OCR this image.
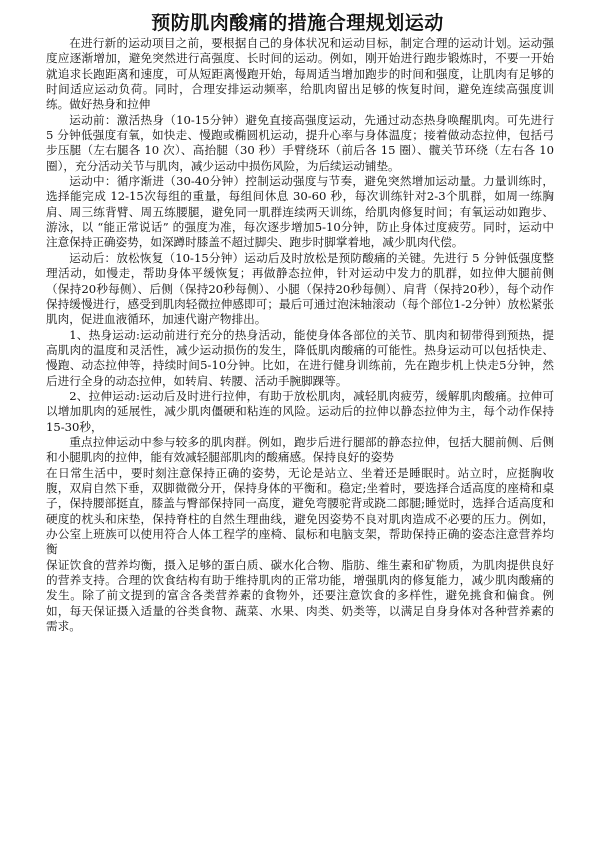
预防肌肉酸痛的措施合理规划运动

在进行新的运动项目之前，要根据自己的身体状况和运动目标，制定合理的运动计划。运动强度应逐渐增加，避免突然进行高强度、长时间的运动。例如，刚开始进行跑步锻炼时，不要一开始就追求长跑距离和速度，可从短距离慢跑开始，每周适当增加跑步的时间和强度，让肌肉有足够的时间适应运动负荷。同时，合理安排运动频率，给肌肉留出足够的恢复时间，避免连续高强度训练。做好热身和拉伸

运动前：激活热身（10-15分钟）避免直接高强度运动，先通过动态热身唤醒肌肉。可先进行 5 分钟低强度有氧，如快走、慢跑或椭圆机运动，提升心率与身体温度；接着做动态拉伸，包括弓步压腿（左右腿各 10 次）、高抬腿（30 秒）手臂绕环（前后各 15 圈）、髋关节环绕（左右各 10 圈），充分活动关节与肌肉，减少运动中损伤风险，为后续运动铺垫。

运动中：循序渐进（30-40分钟）控制运动强度与节奏，避免突然增加运动量。力量训练时，选择能完成 12-15次每组的重量，每组间休息 30-60 秒，每次训练针对2-3个肌群，如周一练胸肩、周三练背臂、周五练腰腿，避免同一肌群连续两天训练，给肌肉修复时间；有氧运动如跑步、游泳，以 “能正常说话” 的强度为准，每次逐步增加5-10分钟，防止身体过度疲劳。同时，运动中注意保持正确姿势，如深蹲时膝盖不超过脚尖、跑步时脚掌着地，减少肌肉代偿。

运动后：放松恢复（10-15分钟）运动后及时放松是预防酸痛的关键。先进行 5 分钟低强度整理活动，如慢走，帮助身体平缓恢复；再做静态拉伸，针对运动中发力的肌群，如拉伸大腿前侧（保持20秒每侧）、后侧（保持20秒每侧）、小腿（保持20秒每侧）、肩背（保持20秒），每个动作保持缓慢进行，感受到肌肉轻微拉伸感即可；最后可通过泡沫轴滚动（每个部位1-2分钟）放松紧张肌肉，促进血液循环，加速代谢产物排出。

1、热身运动:运动前进行充分的热身活动，能使身体各部位的关节、肌肉和韧带得到预热，提高肌肉的温度和灵活性，减少运动损伤的发生，降低肌肉酸痛的可能性。热身运动可以包括快走、慢跑、动态拉伸等，持续时间5-10分钟。比如，在进行健身训练前，先在跑步机上快走5分钟，然后进行全身的动态拉伸，如转肩、转腰、活动手腕脚踝等。

2、拉伸运动:运动后及时进行拉伸，有助于放松肌肉，减轻肌肉疲劳，缓解肌肉酸痛。拉伸可以增加肌肉的延展性，减少肌肉僵硬和粘连的风险。运动后的拉伸以静态拉伸为主，每个动作保持15-30秒，

重点拉伸运动中参与较多的肌肉群。例如，跑步后进行腿部的静态拉伸，包括大腿前侧、后侧和小腿肌肉的拉伸，能有效减轻腿部肌肉的酸痛感。保持良好的姿势

在日常生活中，要时刻注意保持正确的姿势，无论是站立、坐着还是睡眠时。站立时，应挺胸收腹，双肩自然下垂，双脚微微分开，保持身体的平衡和。稳定;坐着时，要选择合适高度的座椅和桌子，保持腰部挺直，膝盖与臀部保持同一高度，避免弯腰驼背或跷二郎腿;睡觉时，选择合适高度和硬度的枕头和床垫，保持脊柱的自然生理曲线，避免因姿势不良对肌肉造成不必要的压力。例如，办公室上班族可以使用符合人体工程学的座椅、鼠标和电脑支架，帮助保持正确的姿态注意营养均衡

保证饮食的营养均衡，摄入足够的蛋白质、碳水化合物、脂肪、维生素和矿物质，为肌肉提供良好的营养支持。合理的饮食结构有助于维持肌肉的正常功能，增强肌肉的修复能力，减少肌肉酸痛的发生。除了前文提到的富含各类营养素的食物外，还要注意饮食的多样性，避免挑食和偏食。例如，每天保证摄入适量的谷类食物、蔬菜、水果、肉类、奶类等，以满足自身身体对各种营养素的需求。
